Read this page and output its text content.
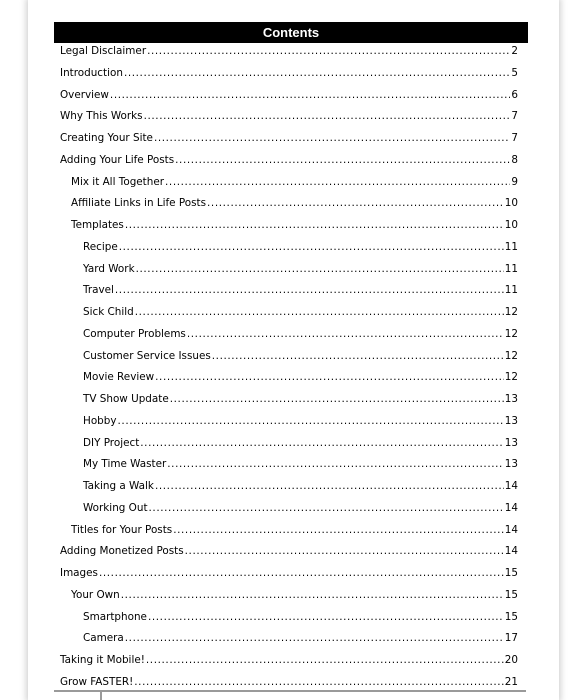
Contents
Legal Disclaimer .....	2
Introduction .....	5
Overview .....	6
Why This Works .....	7
Creating Your Site .....	7
Adding Your Life Posts .....	8
Mix it All Together .....	9
Affiliate Links in Life Posts .....	10
Templates .....	10
Recipe .....	11
Yard Work .....	11
Travel .....	11
Sick Child .....	12
Computer Problems .....	12
Customer Service Issues .....	12
Movie Review .....	12
TV Show Update .....	13
Hobby .....	13
DIY Project .....	13
My Time Waster .....	13
Taking a Walk .....	14
Working Out .....	14
Titles for Your Posts .....	14
Adding Monetized Posts .....	14
Images .....	15
Your Own .....	15
Smartphone .....	15
Camera .....	17
Taking it Mobile! .....	20
Grow FASTER! .....	21
